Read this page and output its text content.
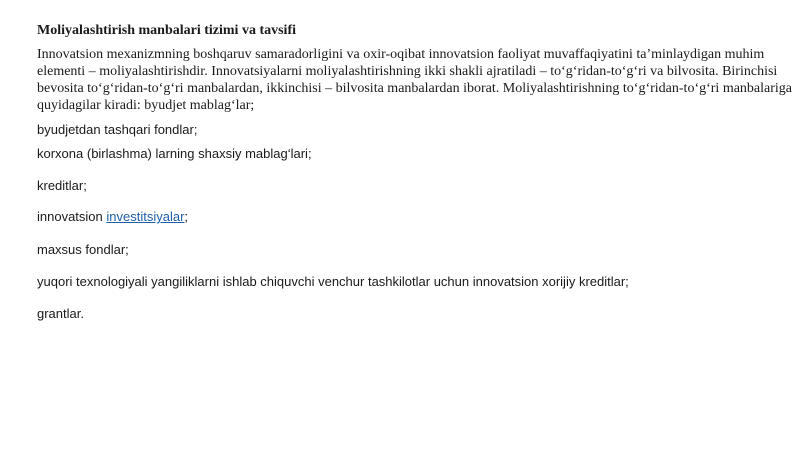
Moliyalashtirish manbalari tizimi va tavsifi

Innovatsion mexanizmning boshqaruv samaradorligini va oxir-oqibat innovatsion faoliyat muvaffaqiyatini ta’minlaydigan muhim elementi – moliyalashtirishdir. Innovatsiyalarni moliyalashtirishning ikki shakli ajratiladi – to‘g‘ridan-to‘g‘ri va bilvosita. Birinchisi bevosita to‘g‘ridan-to‘g‘ri manbalardan, ikkinchisi – bilvosita manbalardan iborat. Moliyalashtirishning to‘g‘ridan-to‘g‘ri manbalariga quyidagilar kiradi: byudjet mablag‘lar;

byudjetdan tashqari fondlar;

korxona (birlashma) larning shaxsiy mablag‘lari;

kreditlar;

innovatsion investitsiyalar;

maxsus fondlar;

yuqori texnologiyali yangiliklarni ishlab chiquvchi venchur tashkilotlar uchun innovatsion xorijiy kreditlar;

grantlar.
